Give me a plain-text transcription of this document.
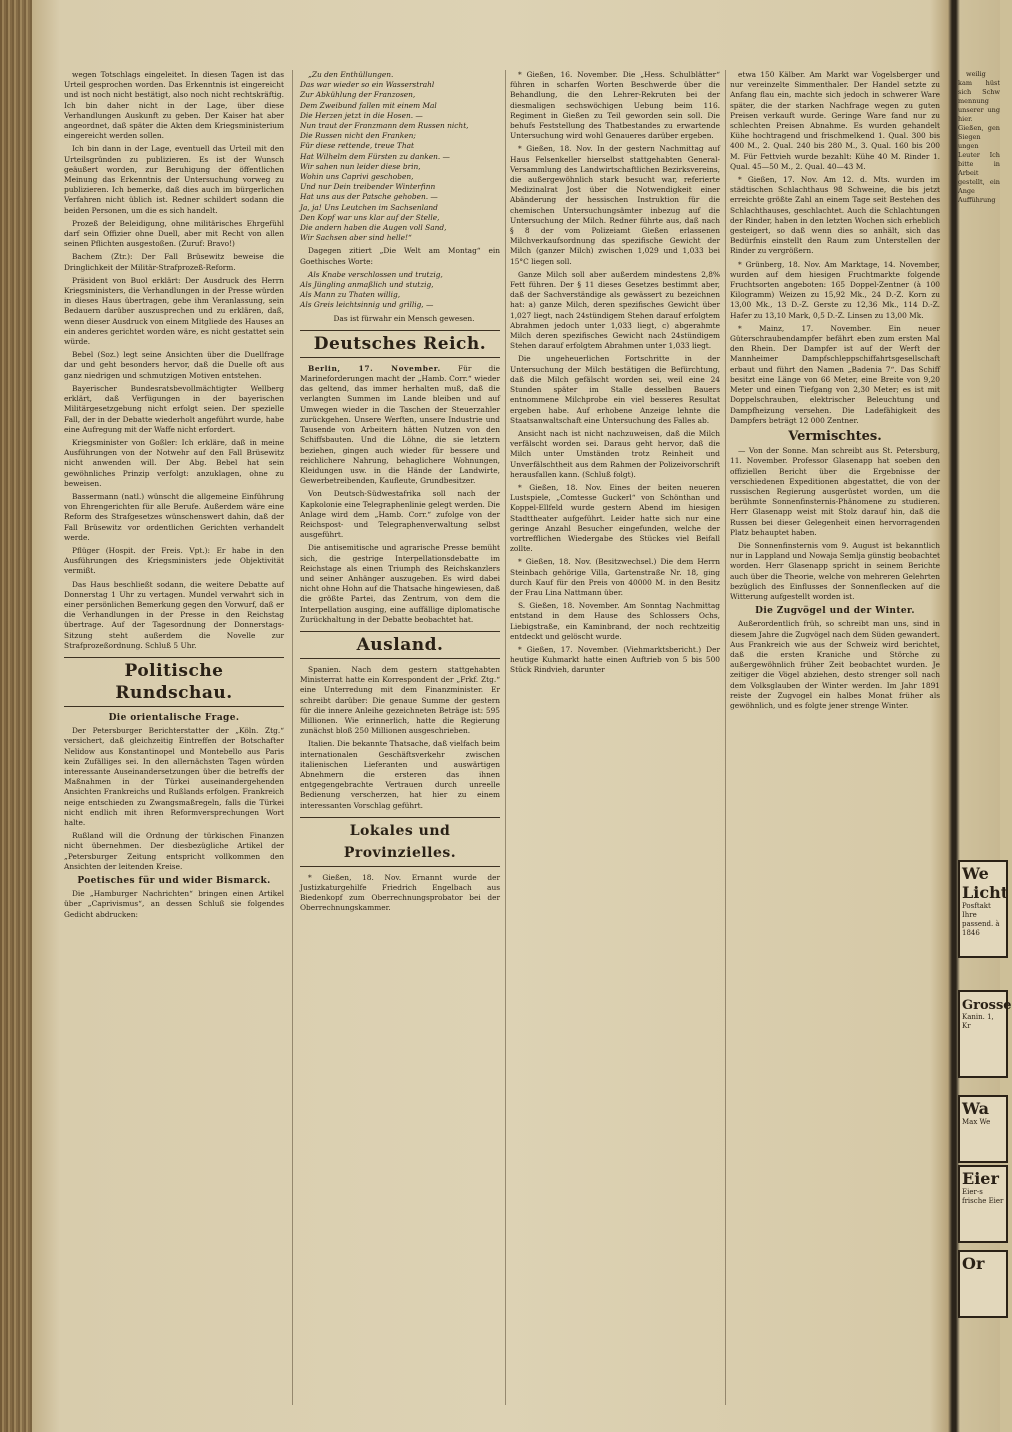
wegen Totschlags eingeleitet. In diesen Tagen ist das Urteil gesprochen worden. Das Erkenntnis ist eingereicht und ist noch nicht bestätigt, also noch nicht rechtskräftig. Ich bin daher nicht in der Lage, über diese Verhandlungen Auskunft zu geben. Der Kaiser hat aber angeordnet, daß später die Akten dem Kriegsministerium eingereicht werden sollen.

Ich bin dann in der Lage, eventuell das Urteil mit den Urteilsgründen zu publizieren. Es ist der Wunsch geäußert worden, zur Beruhigung der öffentlichen Meinung das Erkenntnis der Untersuchung vorweg zu publizieren. Ich bemerke, daß dies auch im bürgerlichen Verfahren nicht üblich ist. Redner schildert sodann die beiden Personen, um die es sich handelt.

Prozeß der Beleidigung, ohne militärisches Ehrgefühl darf sein Offizier ohne Duell, aber mit Recht von allen seinen Pflichten ausgestoßen. (Zuruf: Bravo!)

Bachem (Ztr.): Der Fall Brüsewitz beweise die Dringlichkeit der Militär-Strafprozeß-Reform.

Präsident von Buol erklärt: Der Ausdruck des Herrn Kriegsministers, die Verhandlungen in der Presse würden in dieses Haus übertragen, gebe ihm Veranlassung, sein Bedauern darüber auszusprechen und zu erklären, daß, wenn dieser Ausdruck von einem Mitgliede des Hauses an ein anderes gerichtet worden wäre, es nicht gestattet sein würde.

Bebel (Soz.) legt seine Ansichten über die Duellfrage dar und geht besonders hervor, daß die Duelle oft aus ganz niedrigen und schmutzigen Motiven entstehen.

Bayerischer Bundesratsbevollmächtigter Wellberg erklärt, daß Verfügungen in der bayerischen Militärgesetzgebung nicht erfolgt seien. Der spezielle Fall, der in der Debatte wiederholt angeführt wurde, habe eine Aufregung mit der Waffe nicht erfordert.

Kriegsminister von Goßler: Ich erkläre, daß in meine Ausführungen von der Notwehr auf den Fall Brüsewitz nicht anwenden will. Der Abg. Bebel hat sein gewöhnliches Prinzip verfolgt: anzuklagen, ohne zu beweisen.

Bassermann (natl.) wünscht die allgemeine Einführung von Ehrengerichten für alle Berufe. Außerdem wäre eine Reform des Strafgesetzes wünschenswert dahin, daß der Fall Brüsewitz vor ordentlichen Gerichten verhandelt werde.

Pflüger (Hospit. der Freis. Vpt.): Er habe in den Ausführungen des Kriegsministers jede Objektivität vermißt.

Das Haus beschließt sodann, die weitere Debatte auf Donnerstag 1 Uhr zu vertagen. Mundel verwahrt sich in einer persönlichen Bemerkung gegen den Vorwurf, daß er die Verhandlungen in der Presse in den Reichstag übertrage. Auf der Tagesordnung der Donnerstags-Sitzung steht außerdem die Novelle zur Strafprozeßordnung. Schluß 5 Uhr.

Politische Rundschau.
Die orientalische Frage.

Der Petersburger Berichterstatter der „Köln. Ztg.“ versichert, daß gleichzeitig Eintreffen der Botschafter Nelidow aus Konstantinopel und Montebello aus Paris kein Zufälliges sei. In den allernächsten Tagen würden interessante Auseinandersetzungen über die betreffs der Maßnahmen in der Türkei auseinandergehenden Ansichten Frankreichs und Rußlands erfolgen. Frankreich neige entschieden zu Zwangsmaßregeln, falls die Türkei nicht endlich mit ihren Reformversprechungen Wort halte.

Rußland will die Ordnung der türkischen Finanzen nicht übernehmen. Der diesbezügliche Artikel der „Petersburger Zeitung entspricht vollkommen den Ansichten der leitenden Kreise.

Poetisches für und wider Bismarck.

Die „Hamburger Nachrichten“ bringen einen Artikel über „Caprivismus“, an dessen Schluß sie folgendes Gedicht abdrucken:

„Zu den Enthüllungen.
Das war wieder so ein Wasserstrahl
Zur Abkühlung der Franzosen,
Dem Zweibund fallen mit einem Mal
Die Herzen jetzt in die Hosen. —
Nun traut der Franzmann dem Russen nicht,
Die Russen nicht den Franken;
Für diese rettende, treue That
Hat Wilhelm dem Fürsten zu danken. —
Wir sahen nun leider diese brin,
Wohin uns Caprivi geschoben,
Und nur Dein treibender Winterfinn
Hat uns aus der Patsche gehoben. —
Ja, ja! Uns Leutchen im Sachsenland
Den Kopf war uns klar auf der Stelle,
Die andern haben die Augen voll Sand,
Wir Sachsen aber sind helle!“

Dagegen zitiert „Die Welt am Montag“ ein Goethisches Worte:

Als Knabe verschlossen und trutzig,
Als Jüngling anmaßlich und stutzig,
Als Mann zu Thaten willig,
Als Greis leichtsinnig und grillig, —

Das ist fürwahr ein Mensch gewesen.

Deutsches Reich.

Berlin, 17. November. Für die Marineforderungen macht der „Hamb. Corr.“ wieder das geltend, das immer herhalten muß, daß die verlangten Summen im Lande bleiben und auf Umwegen wieder in die Taschen der Steuerzahler zurückgehen. Unsere Werften, unsere Industrie und Tausende von Arbeitern hätten Nutzen von den Schiffsbauten. Und die Löhne, die sie letztern beziehen, gingen auch wieder für bessere und reichlichere Nahrung, behaglichere Wohnungen, Kleidungen usw. in die Hände der Landwirte, Gewerbetreibenden, Kaufleute, Grundbesitzer.

Von Deutsch-Südwestafrika soll nach der Kapkolonie eine Telegraphenlinie gelegt werden. Die Anlage wird dem „Hamb. Corr.“ zufolge von der Reichspost- und Telegraphenverwaltung selbst ausgeführt.

Die antisemitische und agrarische Presse bemüht sich, die gestrige Interpellationsdebatte im Reichstage als einen Triumph des Reichskanzlers und seiner Anhänger auszugeben. Es wird dabei nicht ohne Hohn auf die Thatsache hingewiesen, daß die größte Partei, das Zentrum, von dem die Interpellation ausging, eine auffällige diplomatische Zurückhaltung in der Debatte beobachtet hat.

Ausland.

Spanien. Nach dem gestern stattgehabten Ministerrat hatte ein Korrespondent der „Frkf. Ztg.“ eine Unterredung mit dem Finanzminister. Er schreibt darüber: Die genaue Summe der gestern für die innere Anleihe gezeichneten Beträge ist: 595 Millionen. Wie erinnerlich, hatte die Regierung zunächst bloß 250 Millionen ausgeschrieben.

Italien. Die bekannte Thatsache, daß vielfach beim internationalen Geschäftsverkehr zwischen italienischen Lieferanten und auswärtigen Abnehmern die ersteren das ihnen entgegengebrachte Vertrauen durch unreelle Bedienung verscherzen, hat hier zu einem interessanten Vorschlag geführt.

Lokales und Provinzielles.

* Gießen, 18. Nov. Ernannt wurde der Justizkaturgehilfe Friedrich Engelbach aus Biedenkopf zum Oberrechnungsprobator bei der Oberrechnungskammer.

* Gießen, 16. November. Die „Hess. Schulblätter“ führen in scharfen Worten Beschwerde über die Behandlung, die den Lehrer-Rekruten bei der diesmaligen sechswöchigen Uebung beim 116. Regiment in Gießen zu Teil geworden sein soll. Die behufs Feststellung des Thatbestandes zu erwartende Untersuchung wird wohl Genaueres darüber ergeben.

* Gießen, 18. Nov. In der gestern Nachmittag auf Haus Felsenkeller hierselbst stattgehabten General-Versammlung des Landwirtschaftlichen Bezirksvereins, die außergewöhnlich stark besucht war, referierte Medizinalrat Jost über die Notwendigkeit einer Abänderung der hessischen Instruktion für die chemischen Untersuchungsämter inbezug auf die Untersuchung der Milch. Redner führte aus, daß nach § 8 der vom Polizeiamt Gießen erlassenen Milchverkaufsordnung das spezifische Gewicht der Milch (ganzer Milch) zwischen 1,029 und 1,033 bei 15°C liegen soll.

Ganze Milch soll aber außerdem mindestens 2,8% Fett führen. Der § 11 dieses Gesetzes bestimmt aber, daß der Sachverständige als gewässert zu bezeichnen hat: a) ganze Milch, deren spezifisches Gewicht über 1,027 liegt, nach 24stündigem Stehen darauf erfolgtem Abrahmen jedoch unter 1,033 liegt, c) abgerahmte Milch deren spezifisches Gewicht nach 24stündigem Stehen darauf erfolgtem Abrahmen unter 1,033 liegt.

Die ungeheuerlichen Fortschritte in der Untersuchung der Milch bestätigen die Befürchtung, daß die Milch gefälscht worden sei, weil eine 24 Stunden später im Stalle desselben Bauers entnommene Milchprobe ein viel besseres Resultat ergeben habe. Auf erhobene Anzeige lehnte die Staatsanwaltschaft eine Untersuchung des Falles ab.

Ansicht nach ist nicht nachzuweisen, daß die Milch verfälscht worden sei. Daraus geht hervor, daß die Milch unter Umständen trotz Reinheit und Unverfälschtheit aus dem Rahmen der Polizeivorschrift herausfallen kann. (Schluß folgt).

* Gießen, 18. Nov. Eines der beiten neueren Lustspiele, „Comtesse Guckerl“ von Schönthan und Koppel-Ellfeld wurde gestern Abend im hiesigen Stadttheater aufgeführt. Leider hatte sich nur eine geringe Anzahl Besucher eingefunden, welche der vortrefflichen Wiedergabe des Stückes viel Beifall zollte.

* Gießen, 18. Nov. (Besitzwechsel.) Die dem Herrn Steinbach gehörige Villa, Gartenstraße Nr. 18, ging durch Kauf für den Preis von 40000 M. in den Besitz der Frau Lina Nattmann über.

S. Gießen, 18. November. Am Sonntag Nachmittag entstand in dem Hause des Schlossers Ochs, Liebigstraße, ein Kaminbrand, der noch rechtzeitig entdeckt und gelöscht wurde.

* Gießen, 17. November. (Viehmarktsbericht.) Der heutige Kuhmarkt hatte einen Auftrieb von 5 bis 500 Stück Rindvieh, darunter

etwa 150 Kälber. Am Markt war Vogelsberger und nur vereinzelte Simmenthaler. Der Handel setzte zu Anfang flau ein, machte sich jedoch in schwerer Ware später, die der starken Nachfrage wegen zu guten Preisen verkauft wurde. Geringe Ware fand nur zu schlechten Preisen Abnahme. Es wurden gehandelt Kühe hochtragend und frischmelkend 1. Qual. 300 bis 400 M., 2. Qual. 240 bis 280 M., 3. Qual. 160 bis 200 M. Für Fettvieh wurde bezahlt: Kühe 40 M. Rinder 1. Qual. 45—50 M., 2. Qual. 40—43 M.

* Gießen, 17. Nov. Am 12. d. Mts. wurden im städtischen Schlachthaus 98 Schweine, die bis jetzt erreichte größte Zahl an einem Tage seit Bestehen des Schlachthauses, geschlachtet. Auch die Schlachtungen der Rinder, haben in den letzten Wochen sich erheblich gesteigert, so daß wenn dies so anhält, sich das Bedürfnis einstellt den Raum zum Unterstellen der Rinder zu vergrößern.

* Grünberg, 18. Nov. Am Marktage, 14. November, wurden auf dem hiesigen Fruchtmarkte folgende Fruchtsorten angeboten: 165 Doppel-Zentner (à 100 Kilogramm) Weizen zu 15,92 Mk., 24 D.-Z. Korn zu 13,00 Mk., 13 D.-Z. Gerste zu 12,36 Mk., 114 D.-Z. Hafer zu 13,10 Mark, 0,5 D.-Z. Linsen zu 13,00 Mk.

* Mainz, 17. November. Ein neuer Güterschraubendampfer befährt eben zum ersten Mal den Rhein. Der Dampfer ist auf der Werft der Mannheimer Dampfschleppschiffahrtsgesellschaft erbaut und führt den Namen „Badenia 7“. Das Schiff besitzt eine Länge von 66 Meter, eine Breite von 9,20 Meter und einen Tiefgang von 2,30 Meter; es ist mit Doppelschrauben, elektrischer Beleuchtung und Dampfheizung versehen. Die Ladefähigkeit des Dampfers beträgt 12 000 Zentner.

Vermischtes.

— Von der Sonne. Man schreibt aus St. Petersburg, 11. November. Professor Glasenapp hat soeben den offiziellen Bericht über die Ergebnisse der verschiedenen Expeditionen abgestattet, die von der russischen Regierung ausgerüstet worden, um die berühmte Sonnenfinsternis-Phänomene zu studieren. Herr Glasenapp weist mit Stolz darauf hin, daß die Russen bei dieser Gelegenheit einen hervorragenden Platz behauptet haben.

Die Sonnenfinsternis vom 9. August ist bekanntlich nur in Lappland und Nowaja Semlja günstig beobachtet worden. Herr Glasenapp spricht in seinem Berichte auch über die Theorie, welche von mehreren Gelehrten bezüglich des Einflusses der Sonnenflecken auf die Witterung aufgestellt worden ist.

Die Zugvögel und der Winter.

Außerordentlich früh, so schreibt man uns, sind in diesem Jahre die Zugvögel nach dem Süden gewandert. Aus Frankreich wie aus der Schweiz wird berichtet, daß die ersten Kraniche und Störche zu außergewöhnlich früher Zeit beobachtet wurden. Je zeitiger die Vögel abziehen, desto strenger soll nach dem Volksglauben der Winter werden. Im Jahr 1891 reiste der Zugvogel ein halbes Monat früher als gewöhnlich, und es folgte jener strenge Winter.

weilig kam hüst sich Schw mennung unserer ung hier. Gießen, gen Siegen ungen Leuter Ich bitte in Arbeit gestellt, ein Ange Aufführung

We
Licht
Posftakt Ihre passend. à
1846
Grosse
Kanin. 1, Kr
Wa
Max We
Eier
Eier-s frische Eier
Or
